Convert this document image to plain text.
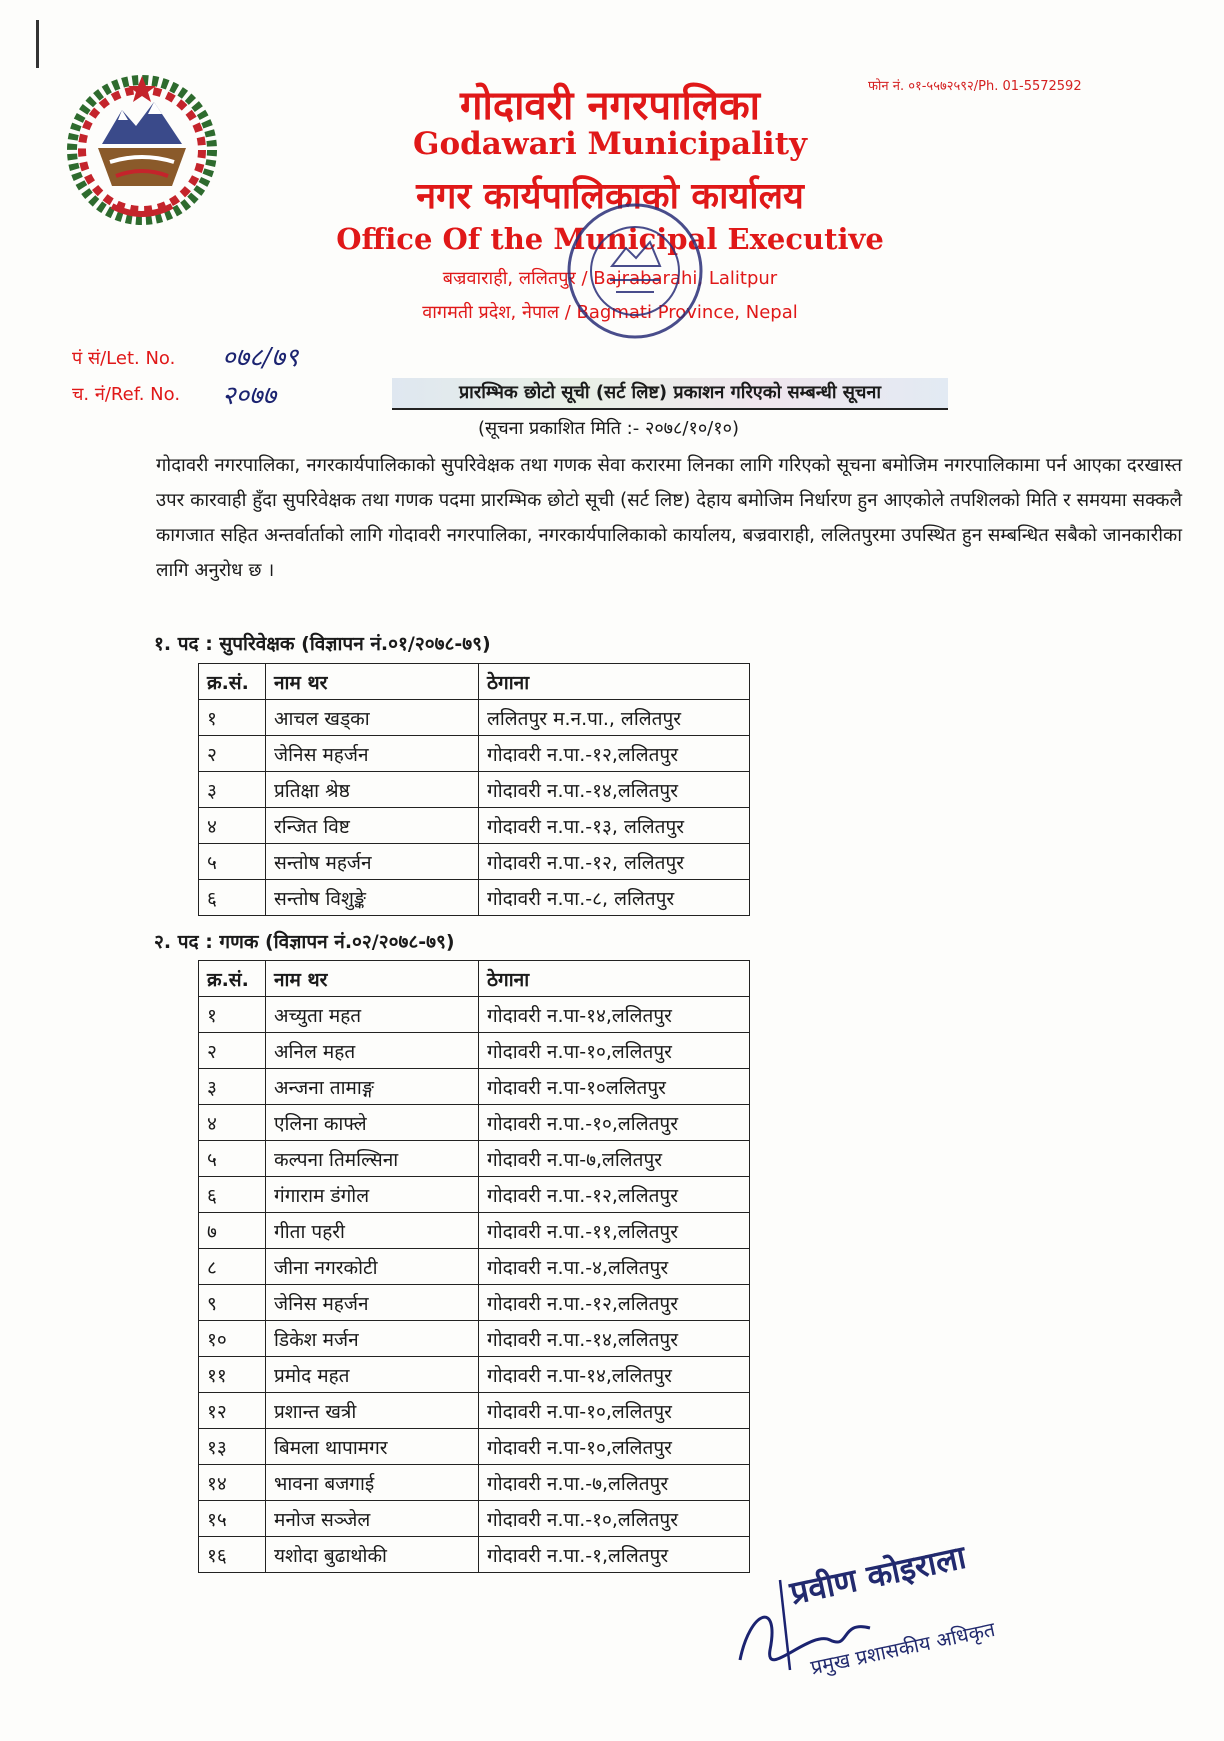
फोन नं. ०१-५५७२५९२/Ph. 01-5572592
गोदावरी नगरपालिका
Godawari Municipality
नगर कार्यपालिकाको कार्यालय
Office Of the Municipal Executive
बज्रवाराही, ललितपुर / Bajrabarahi, Lalitpur
वागमती प्रदेश, नेपाल / Bagmati Province, Nepal
पं सं/Let. No. ०७८/७९
च. नं/Ref. No. २०७७	प्रारम्भिक छोटो सूची (सर्ट लिष्ट) प्रकाशन गरिएको सम्बन्धी सूचना
(सूचना प्रकाशित मिति :- २०७८/१०/१०)
गोदावरी नगरपालिका, नगरकार्यपालिकाको सुपरिवेक्षक तथा गणक सेवा करारमा लिनका लागि गरिएको सूचना बमोजिम नगरपालिकामा पर्न आएका दरखास्त उपर कारवाही हुँदा सुपरिवेक्षक तथा गणक पदमा प्रारम्भिक छोटो सूची (सर्ट लिष्ट) देहाय बमोजिम निर्धारण हुन आएकोले तपशिलको मिति र समयमा सक्कलै कागजात सहित अन्तर्वार्ताको लागि गोदावरी नगरपालिका, नगरकार्यपालिकाको कार्यालय, बज्रवाराही, ललितपुरमा उपस्थित हुन सम्बन्धित सबैको जानकारीका लागि अनुरोध छ ।
१. पद : सुपरिवेक्षक (विज्ञापन नं.०१/२०७८-७९)
क्र.सं.	नाम थर	ठेगाना
१	आचल खड्का	ललितपुर म.न.पा., ललितपुर
२	जेनिस महर्जन	गोदावरी न.पा.-१२,ललितपुर
३	प्रतिक्षा श्रेष्ठ	गोदावरी न.पा.-१४,ललितपुर
४	रन्जित विष्ट	गोदावरी न.पा.-१३, ललितपुर
५	सन्तोष महर्जन	गोदावरी न.पा.-१२, ललितपुर
६	सन्तोष विशुङ्के	गोदावरी न.पा.-८, ललितपुर
२. पद : गणक (विज्ञापन नं.०२/२०७८-७९)
क्र.सं.	नाम थर	ठेगाना
१	अच्युता महत	गोदावरी न.पा-१४,ललितपुर
२	अनिल महत	गोदावरी न.पा-१०,ललितपुर
३	अन्जना तामाङ्ग	गोदावरी न.पा-१०ललितपुर
४	एलिना काफ्ले	गोदावरी न.पा.-१०,ललितपुर
५	कल्पना तिमल्सिना	गोदावरी न.पा-७,ललितपुर
६	गंगाराम डंगोल	गोदावरी न.पा.-१२,ललितपुर
७	गीता पहरी	गोदावरी न.पा.-११,ललितपुर
८	जीना नगरकोटी	गोदावरी न.पा.-४,ललितपुर
९	जेनिस महर्जन	गोदावरी न.पा.-१२,ललितपुर
१०	डिकेश मर्जन	गोदावरी न.पा.-१४,ललितपुर
११	प्रमोद महत	गोदावरी न.पा-१४,ललितपुर
१२	प्रशान्त खत्री	गोदावरी न.पा-१०,ललितपुर
१३	बिमला थापामगर	गोदावरी न.पा-१०,ललितपुर
१४	भावना बजगाई	गोदावरी न.पा.-७,ललितपुर
१५	मनोज सञ्जेल	गोदावरी न.पा.-१०,ललितपुर
१६	यशोदा बुढाथोकी	गोदावरी न.पा.-१,ललितपुर	प्रवीण कोइराला
प्रमुख प्रशासकीय अधिकृत
